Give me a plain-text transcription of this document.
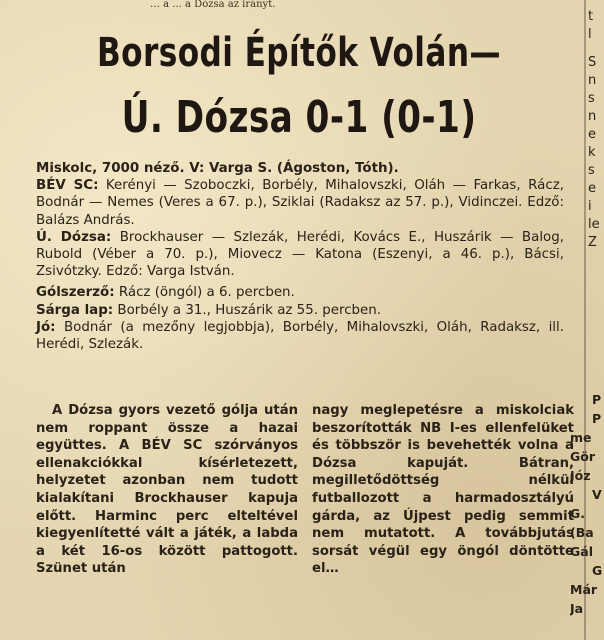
… a ... a Dózsa az irányt.
Borsodi Építők Volán—
Ú. Dózsa 0-1 (0-1)
Miskolc, 7000 néző. V: Varga S. (Ágoston, Tóth).
BÉV SC: Kerényi — Szoboczki, Borbély, Mihalovszki, Oláh — Farkas, Rácz, Bodnár — Nemes (Veres a 67. p.), Sziklai (Radaksz az 57. p.), Vidinczei. Edző: Balázs András.
Ú. Dózsa: Brockhauser — Szlezák, Herédi, Kovács E., Huszárik — Balog, Rubold (Véber a 70. p.), Miovecz — Katona (Eszenyi, a 46. p.), Bácsi, Zsivótzky. Edző: Varga István.
Gólszerző: Rácz (öngól) a 6. percben.
Sárga lap: Borbély a 31., Huszárik az 55. percben.
Jó: Bodnár (a mezőny legjobbja), Borbély, Mihalovszki, Oláh, Radaksz, ill. Herédi, Szlezák.
A Dózsa gyors vezető gólja után nem roppant össze a hazai együttes. A BÉV SC szórványos ellenakciókkal kísérletezett, helyzetet azonban nem tudott kialakítani Brockhauser kapuja előtt. Harminc perc elteltével kiegyenlítetté vált a játék, a labda a két 16-os között pattogott. Szünet után
nagy meglepetésre a miskolciak beszorították NB I-es ellenfelüket és többször is bevehették volna a Dózsa kapuját. Bátran, megilletődöttség nélkül futballozott a harmadosztályú gárda, az Újpest pedig semmit nem mutatott. A továbbjutás sorsát végül egy öngól döntötte el…
t
l
S
n
s
n
e
k
s
e
i
le
Z
P
P
me
Gör
Józ
V
G.
(Ba
Gál
G
Már
Ja
